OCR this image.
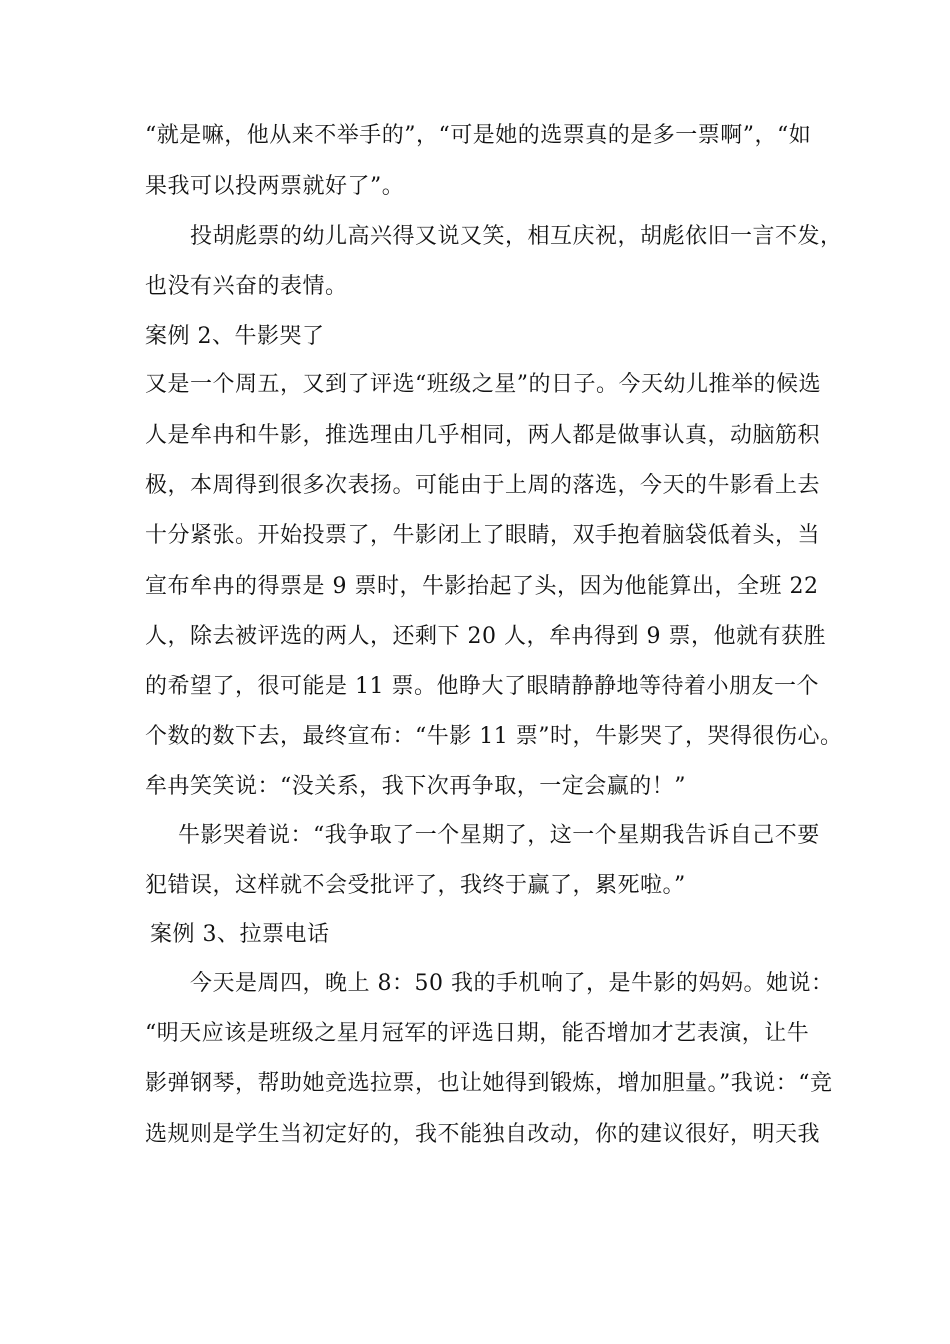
“就是嘛，他从来不举手的”，“可是她的选票真的是多一票啊”，“如
果我可以投两票就好了”。
投胡彪票的幼儿高兴得又说又笑，相互庆祝，胡彪依旧一言不发，
也没有兴奋的表情。
案例 2、牛影哭了
又是一个周五，又到了评选“班级之星”的日子。今天幼儿推举的候选
人是牟冉和牛影，推选理由几乎相同，两人都是做事认真，动脑筋积
极，本周得到很多次表扬。可能由于上周的落选，今天的牛影看上去
十分紧张。开始投票了，牛影闭上了眼睛，双手抱着脑袋低着头，当
宣布牟冉的得票是 9 票时，牛影抬起了头，因为他能算出，全班 22
人，除去被评选的两人，还剩下 20 人，牟冉得到 9 票，他就有获胜
的希望了，很可能是 11 票。他睁大了眼睛静静地等待着小朋友一个
个数的数下去，最终宣布：“牛影 11 票”时，牛影哭了，哭得很伤心。
牟冉笑笑说：“没关系，我下次再争取，一定会赢的！”
牛影哭着说：“我争取了一个星期了，这一个星期我告诉自己不要
犯错误，这样就不会受批评了，我终于赢了，累死啦。”
案例 3、拉票电话
今天是周四，晚上 8：50 我的手机响了，是牛影的妈妈。她说：
“明天应该是班级之星月冠军的评选日期，能否增加才艺表演，让牛
影弹钢琴，帮助她竞选拉票，也让她得到锻炼，增加胆量。”我说：“竞
选规则是学生当初定好的，我不能独自改动，你的建议很好，明天我
